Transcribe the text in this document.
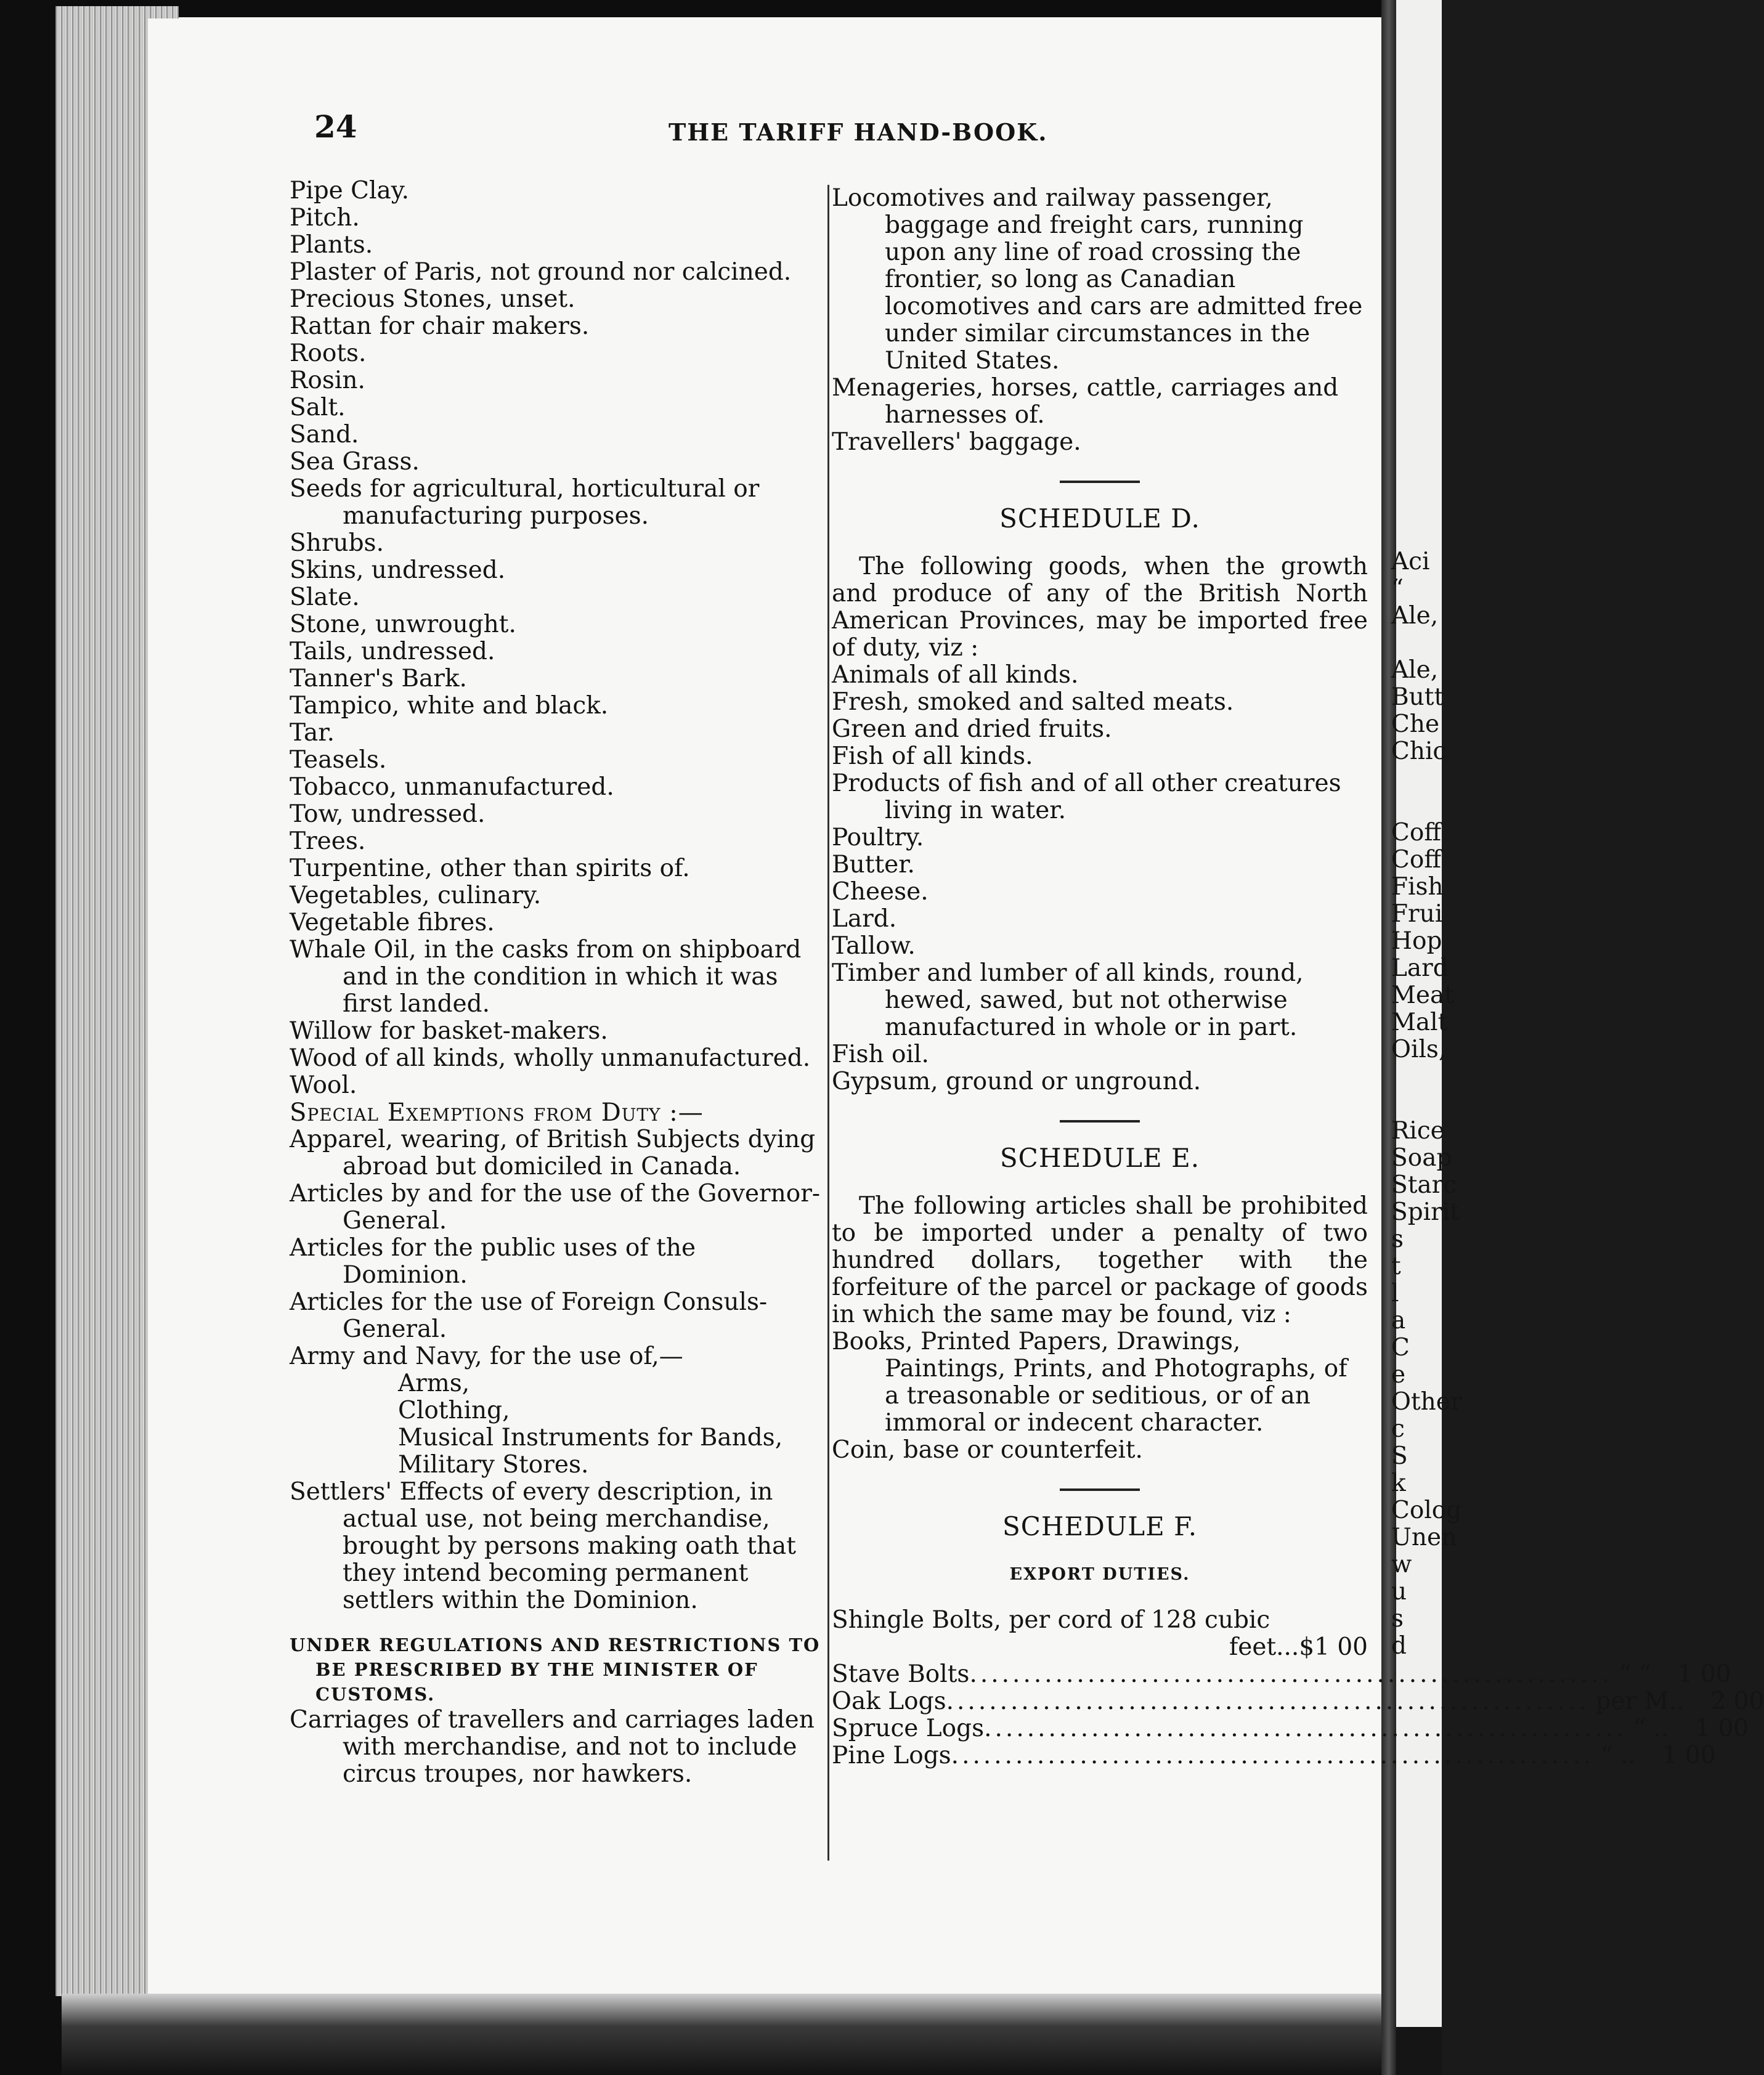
24	THE TARIFF HAND-BOOK.
Pipe Clay.
Pitch.
Plants.
Plaster of Paris, not ground nor calcined.
Precious Stones, unset.
Rattan for chair makers.
Roots.
Rosin.
Salt.
Sand.
Sea Grass.
Seeds for agricultural, horticultural or manufacturing purposes.
Shrubs.
Skins, undressed.
Slate.
Stone, unwrought.
Tails, undressed.
Tanner's Bark.
Tampico, white and black.
Tar.
Teasels.
Tobacco, unmanufactured.
Tow, undressed.
Trees.
Turpentine, other than spirits of.
Vegetables, culinary.
Vegetable fibres.
Whale Oil, in the casks from on shipboard and in the condition in which it was first landed.
Willow for basket-makers.
Wood of all kinds, wholly unmanufactured.
Wool.
Special Exemptions from Duty :—
Apparel, wearing, of British Subjects dying abroad but domiciled in Canada.
Articles by and for the use of the Governor-General.
Articles for the public uses of the Dominion.
Articles for the use of Foreign Consuls-General.
Army and Navy, for the use of,—
Arms,
Clothing,
Musical Instruments for Bands,
Military Stores.
Settlers' Effects of every description, in actual use, not being merchandise, brought by persons making oath that they intend becoming permanent settlers within the Dominion.
UNDER REGULATIONS AND RESTRICTIONS TO BE PRESCRIBED BY THE MINISTER OF CUSTOMS.
Carriages of travellers and carriages laden with merchandise, and not to include circus troupes, nor hawkers.
Locomotives and railway passenger, baggage and freight cars, running upon any line of road crossing the frontier, so long as Canadian locomotives and cars are admitted free under similar circumstances in the United States.
Menageries, horses, cattle, carriages and harnesses of.
Travellers' baggage.
SCHEDULE D.

The following goods, when the growth and produce of any of the British North American Provinces, may be imported free of duty, viz :

Animals of all kinds.
Fresh, smoked and salted meats.
Green and dried fruits.
Fish of all kinds.
Products of fish and of all other creatures living in water.
Poultry.
Butter.
Cheese.
Lard.
Tallow.
Timber and lumber of all kinds, round, hewed, sawed, but not otherwise manufactured in whole or in part.
Fish oil.
Gypsum, ground or unground.
SCHEDULE E.

The following articles shall be prohibited to be imported under a penalty of two hundred dollars, together with the forfeiture of the parcel or package of goods in which the same may be found, viz :

Books, Printed Papers, Drawings, Paintings, Prints, and Photographs, of a treasonable or seditious, or of an immoral or indecent character.
Coin, base or counterfeit.
SCHEDULE F.
EXPORT DUTIES.
Shingle Bolts, per cord of 128 cubic
feet...$1 00
Stave Bolts ............................................................ “ “	1 00
Oak Logs ............................................................ per M..	2 00
Spruce Logs ............................................................ “ ..	1 00
Pine Logs ............................................................ “ ..	1 00
Aci
“
Ale,

Ale,
Butt
Che
Chic

Coff
Coff
Fish
Frui
Hop
Lard
Meat
Malt
Oils,

Rice
Soap
Starc
Spirit
s
t
l
a
C
e
Other
c
S
k
Colog
Unen
w
u
s
d
